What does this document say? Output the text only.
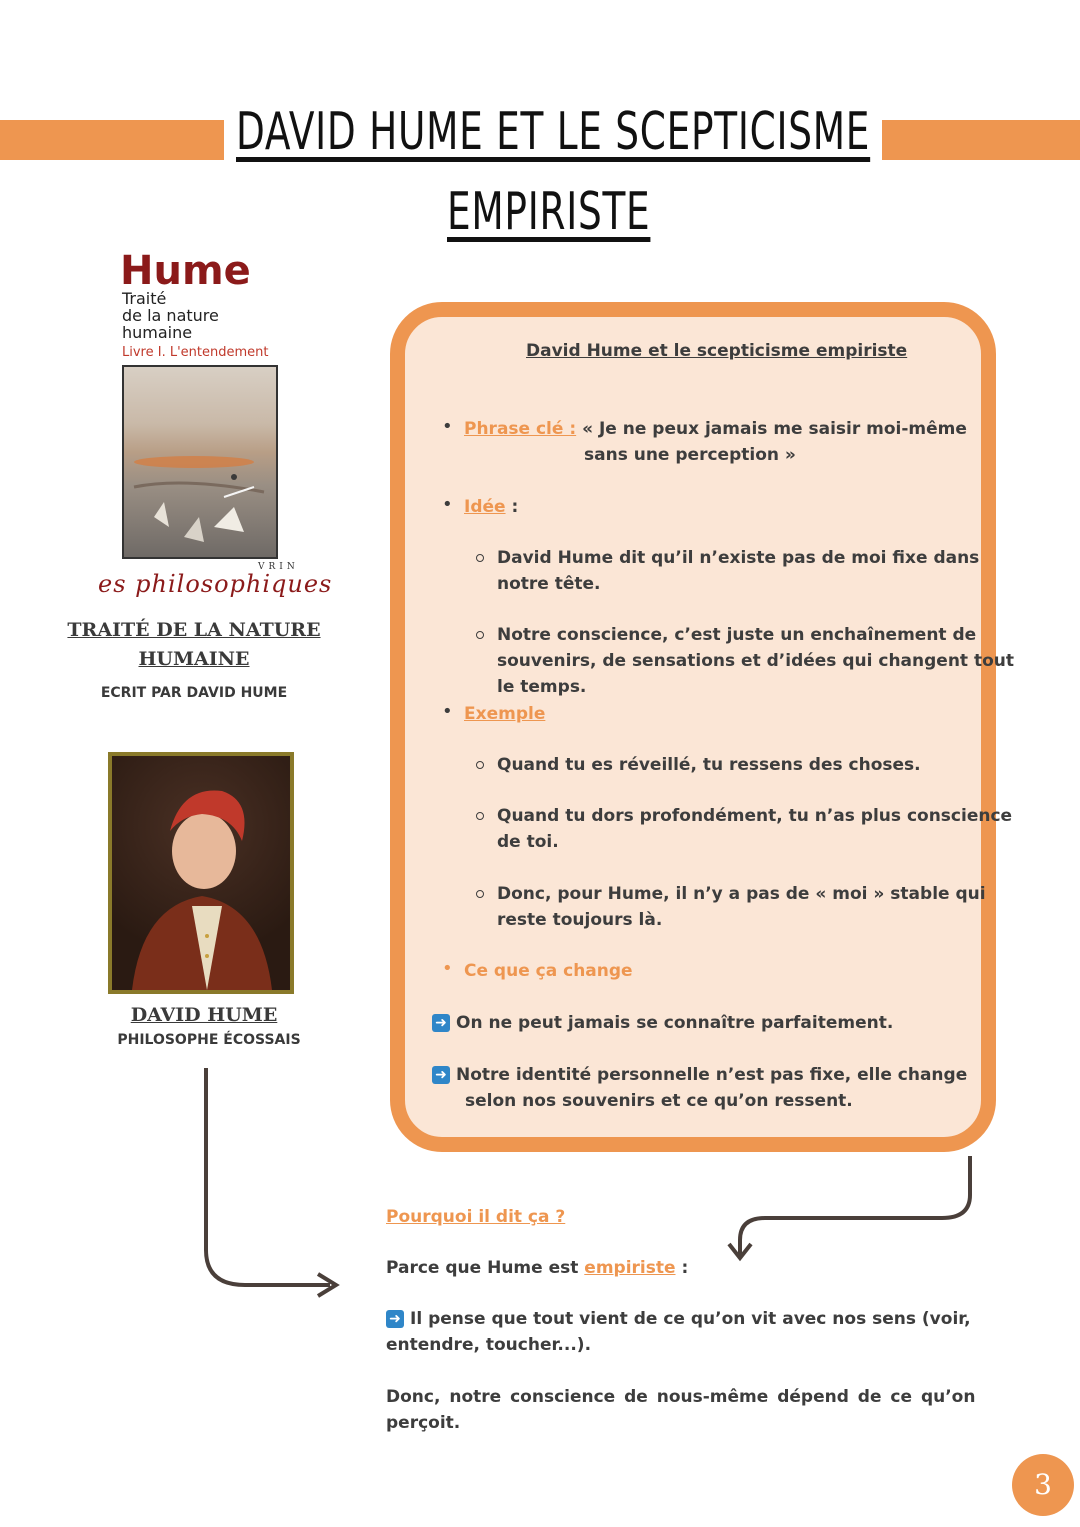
DAVID HUME ET LE SCEPTICISME
EMPIRISTE
Hume
Traité
de la nature
humaine
Livre I. L'entendement
VRIN
es philosophiques
TRAITÉ DE LA NATURE
HUMAINE
ECRIT PAR DAVID HUME
DAVID HUME
PHILOSOPHE ÉCOSSAIS
David Hume et le scepticisme empiriste
• Phrase clé : « Je ne peux jamais me saisir moi-même
sans une perception »
• Idée :
David Hume dit qu’il n’existe pas de moi fixe dans
notre tête.
Notre conscience, c’est juste un enchaînement de
souvenirs, de sensations et d’idées qui changent tout
le temps.
• Exemple
Quand tu es réveillé, tu ressens des choses.
Quand tu dors profondément, tu n’as plus conscience
de toi.
Donc, pour Hume, il n’y a pas de « moi » stable qui
reste toujours là.
• Ce que ça change
➜ On ne peut jamais se connaître parfaitement.
➜ Notre identité personnelle n’est pas fixe, elle change
selon nos souvenirs et ce qu’on ressent.
Pourquoi il dit ça ?
Parce que Hume est empiriste :
➜ Il pense que tout vient de ce qu’on vit avec nos sens (voir,
entendre, toucher...).
Donc, notre conscience de nous-même dépend de ce qu’on
perçoit.
3
